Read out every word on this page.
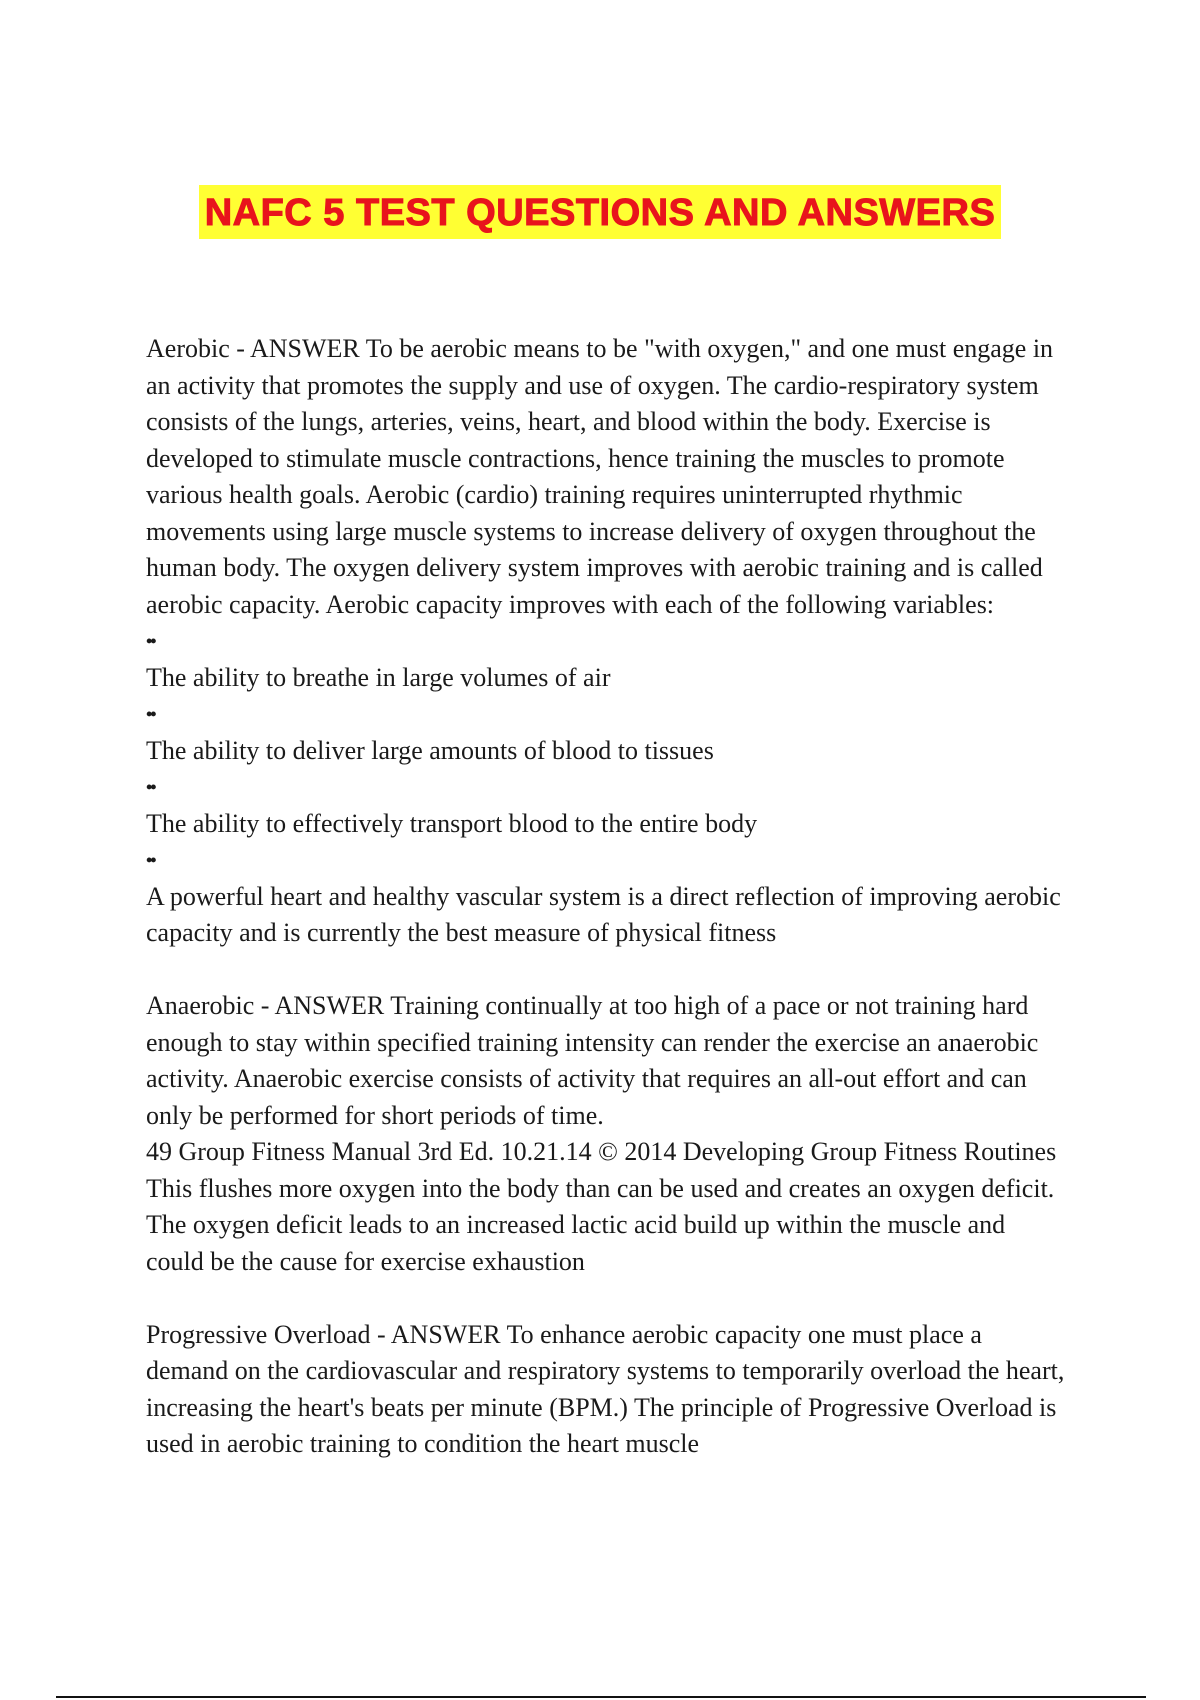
NAFC 5 TEST QUESTIONS AND ANSWERS

Aerobic - ANSWER To be aerobic means to be "with oxygen," and one must engage in an activity that promotes the supply and use of oxygen. The cardio-respiratory system consists of the lungs, arteries, veins, heart, and blood within the body. Exercise is developed to stimulate muscle contractions, hence training the muscles to promote various health goals. Aerobic (cardio) training requires uninterrupted rhythmic movements using large muscle systems to increase delivery of oxygen throughout the human body. The oxygen delivery system improves with aerobic training and is called aerobic capacity. Aerobic capacity improves with each of the following variables:

••

The ability to breathe in large volumes of air

••

The ability to deliver large amounts of blood to tissues

••

The ability to effectively transport blood to the entire body

••

A powerful heart and healthy vascular system is a direct reflection of improving aerobic capacity and is currently the best measure of physical fitness

Anaerobic - ANSWER Training continually at too high of a pace or not training hard enough to stay within specified training intensity can render the exercise an anaerobic activity. Anaerobic exercise consists of activity that requires an all-out effort and can only be performed for short periods of time.

49 Group Fitness Manual 3rd Ed. 10.21.14 © 2014 Developing Group Fitness Routines

This flushes more oxygen into the body than can be used and creates an oxygen deficit. The oxygen deficit leads to an increased lactic acid build up within the muscle and could be the cause for exercise exhaustion

Progressive Overload - ANSWER To enhance aerobic capacity one must place a demand on the cardiovascular and respiratory systems to temporarily overload the heart, increasing the heart's beats per minute (BPM.) The principle of Progressive Overload is used in aerobic training to condition the heart muscle
